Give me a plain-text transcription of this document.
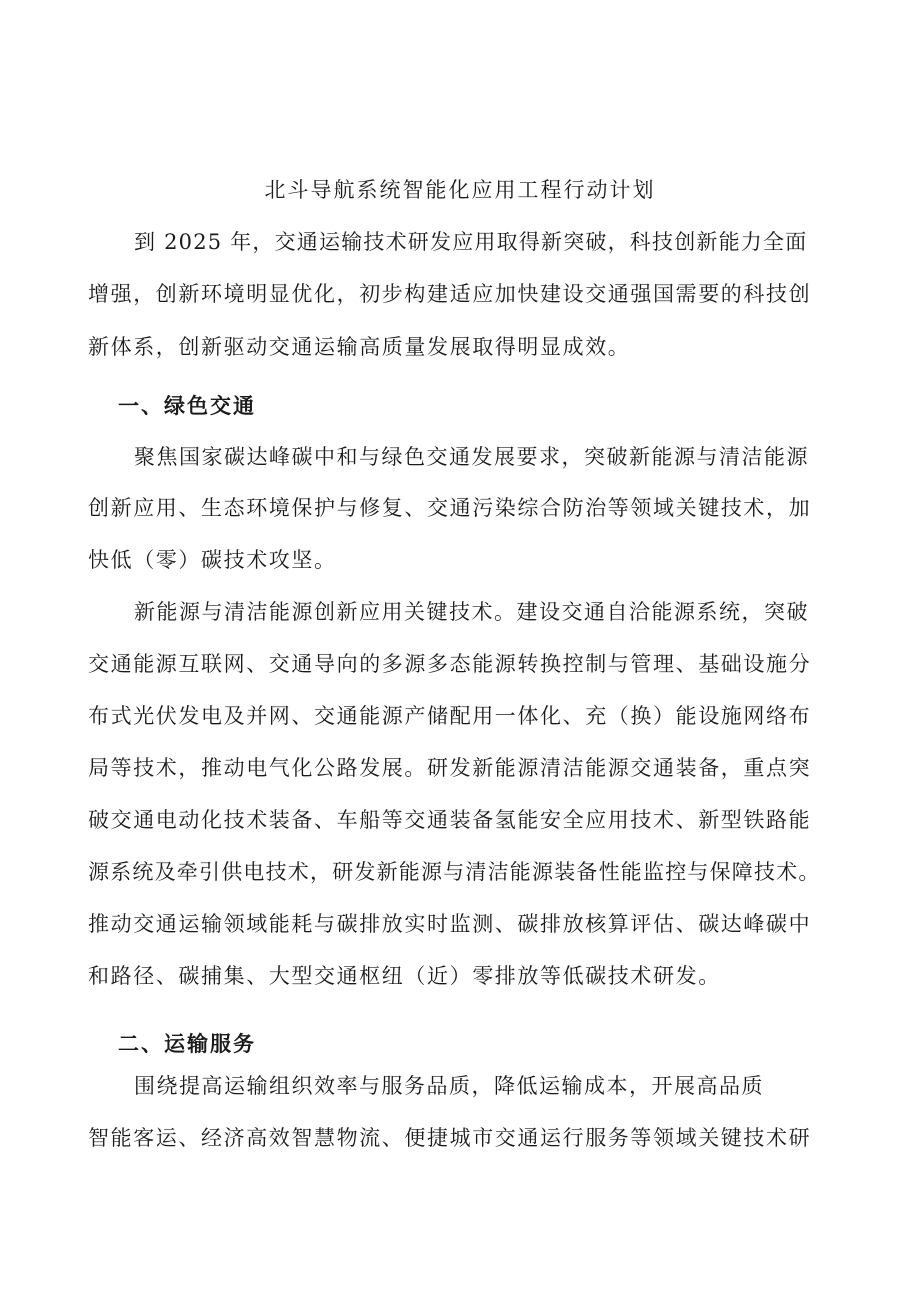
北斗导航系统智能化应用工程行动计划

到 2025 年，交通运输技术研发应用取得新突破，科技创新能力全面

增强，创新环境明显优化，初步构建适应加快建设交通强国需要的科技创

新体系，创新驱动交通运输高质量发展取得明显成效。

一、绿色交通

聚焦国家碳达峰碳中和与绿色交通发展要求，突破新能源与清洁能源

创新应用、生态环境保护与修复、交通污染综合防治等领域关键技术，加

快低（零）碳技术攻坚。

新能源与清洁能源创新应用关键技术。建设交通自洽能源系统，突破

交通能源互联网、交通导向的多源多态能源转换控制与管理、基础设施分

布式光伏发电及并网、交通能源产储配用一体化、充（换）能设施网络布

局等技术，推动电气化公路发展。研发新能源清洁能源交通装备，重点突

破交通电动化技术装备、车船等交通装备氢能安全应用技术、新型铁路能

源系统及牵引供电技术，研发新能源与清洁能源装备性能监控与保障技术。

推动交通运输领域能耗与碳排放实时监测、碳排放核算评估、碳达峰碳中

和路径、碳捕集、大型交通枢纽（近）零排放等低碳技术研发。

二、运输服务

围绕提高运输组织效率与服务品质，降低运输成本，开展高品质

智能客运、经济高效智慧物流、便捷城市交通运行服务等领域关键技术研
